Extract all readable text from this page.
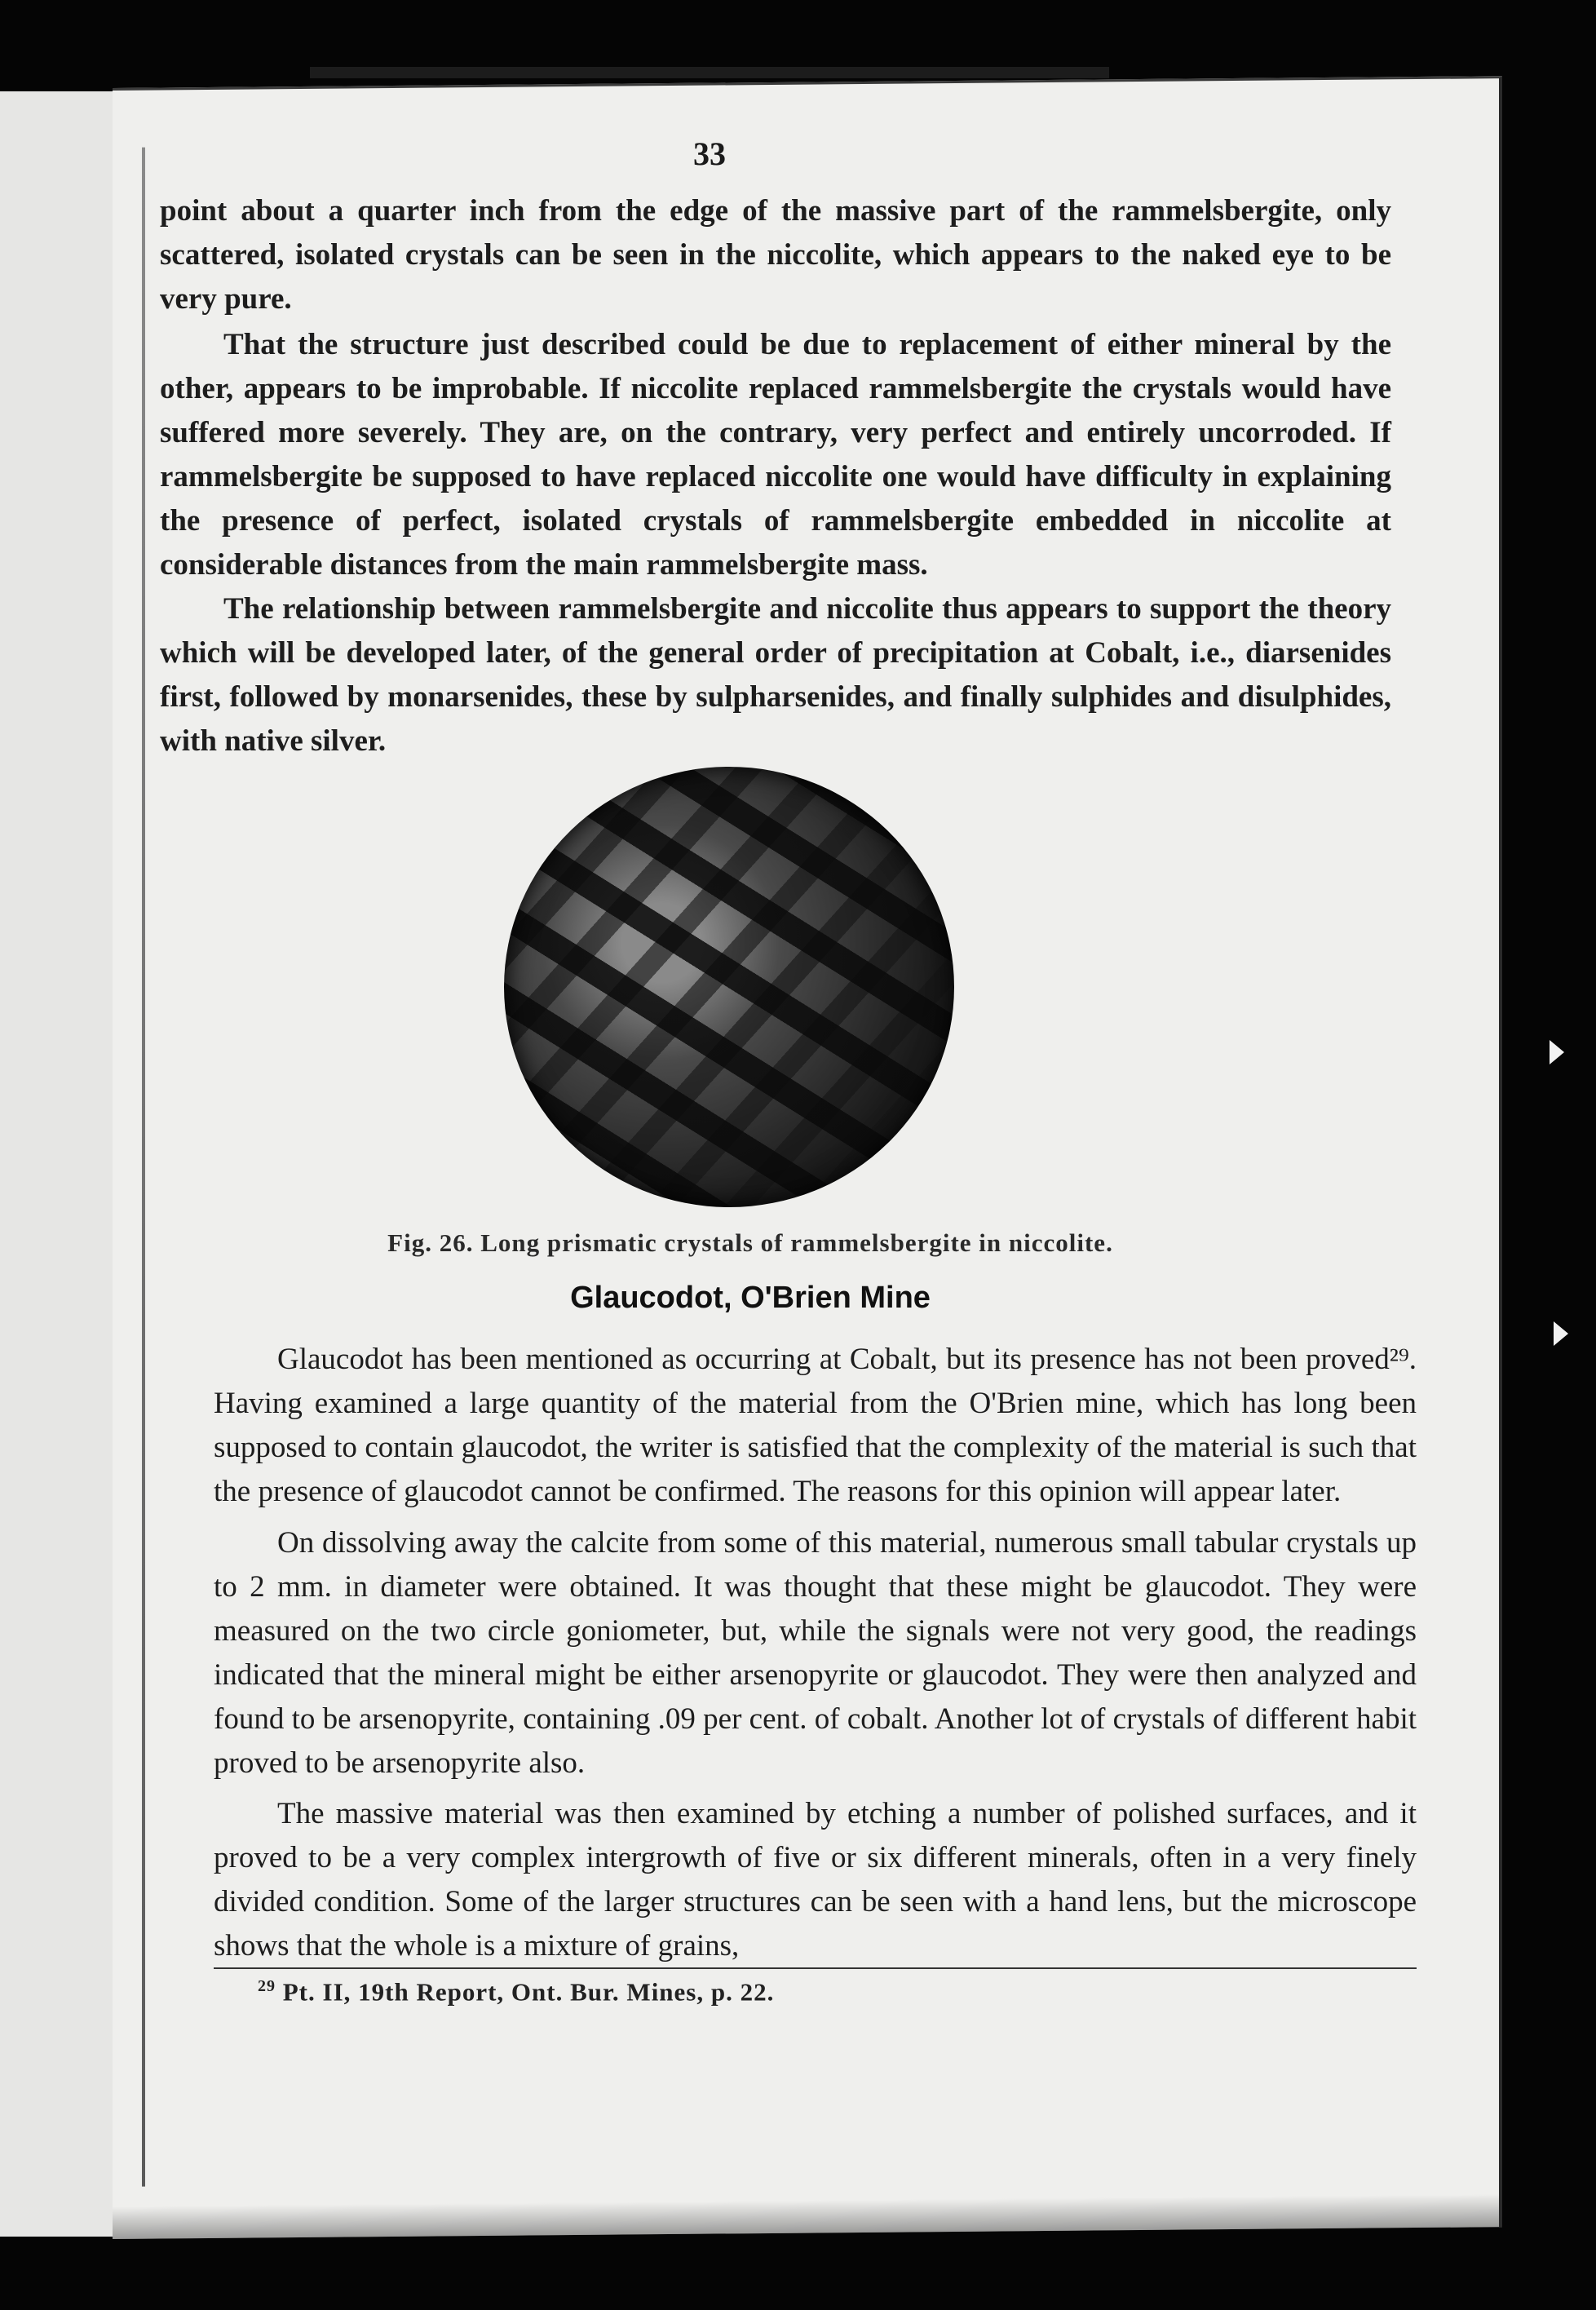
33

point about a quarter inch from the edge of the massive part of the rammelsbergite, only scattered, isolated crystals can be seen in the niccolite, which appears to the naked eye to be very pure.

That the structure just described could be due to replacement of either mineral by the other, appears to be improbable. If niccolite replaced rammelsbergite the crystals would have suffered more severely. They are, on the contrary, very perfect and entirely uncorroded. If rammelsbergite be supposed to have replaced niccolite one would have difficulty in explaining the presence of perfect, isolated crystals of rammelsbergite embedded in niccolite at considerable distances from the main rammelsbergite mass.

The relationship between rammelsbergite and niccolite thus appears to support the theory which will be developed later, of the general order of precipitation at Cobalt, i.e., diarsenides first, followed by monarsenides, these by sulpharsenides, and finally sulphides and disulphides, with native silver.

Fig. 26. Long prismatic crystals of rammelsbergite in niccolite.
Glaucodot, O'Brien Mine

Glaucodot has been mentioned as occurring at Cobalt, but its presence has not been proved²⁹. Having examined a large quantity of the material from the O'Brien mine, which has long been supposed to contain glaucodot, the writer is satisfied that the complexity of the material is such that the presence of glaucodot cannot be confirmed. The reasons for this opinion will appear later.

On dissolving away the calcite from some of this material, numerous small tabular crystals up to 2 mm. in diameter were obtained. It was thought that these might be glaucodot. They were measured on the two circle goniometer, but, while the signals were not very good, the readings indicated that the mineral might be either arsenopyrite or glaucodot. They were then analyzed and found to be arsenopyrite, containing .09 per cent. of cobalt. Another lot of crystals of different habit proved to be arsenopyrite also.

The massive material was then examined by etching a number of polished surfaces, and it proved to be a very complex intergrowth of five or six different minerals, often in a very finely divided condition. Some of the larger structures can be seen with a hand lens, but the microscope shows that the whole is a mixture of grains,

$^{29}$ Pt. II, 19th Report, Ont. Bur. Mines, p. 22.
